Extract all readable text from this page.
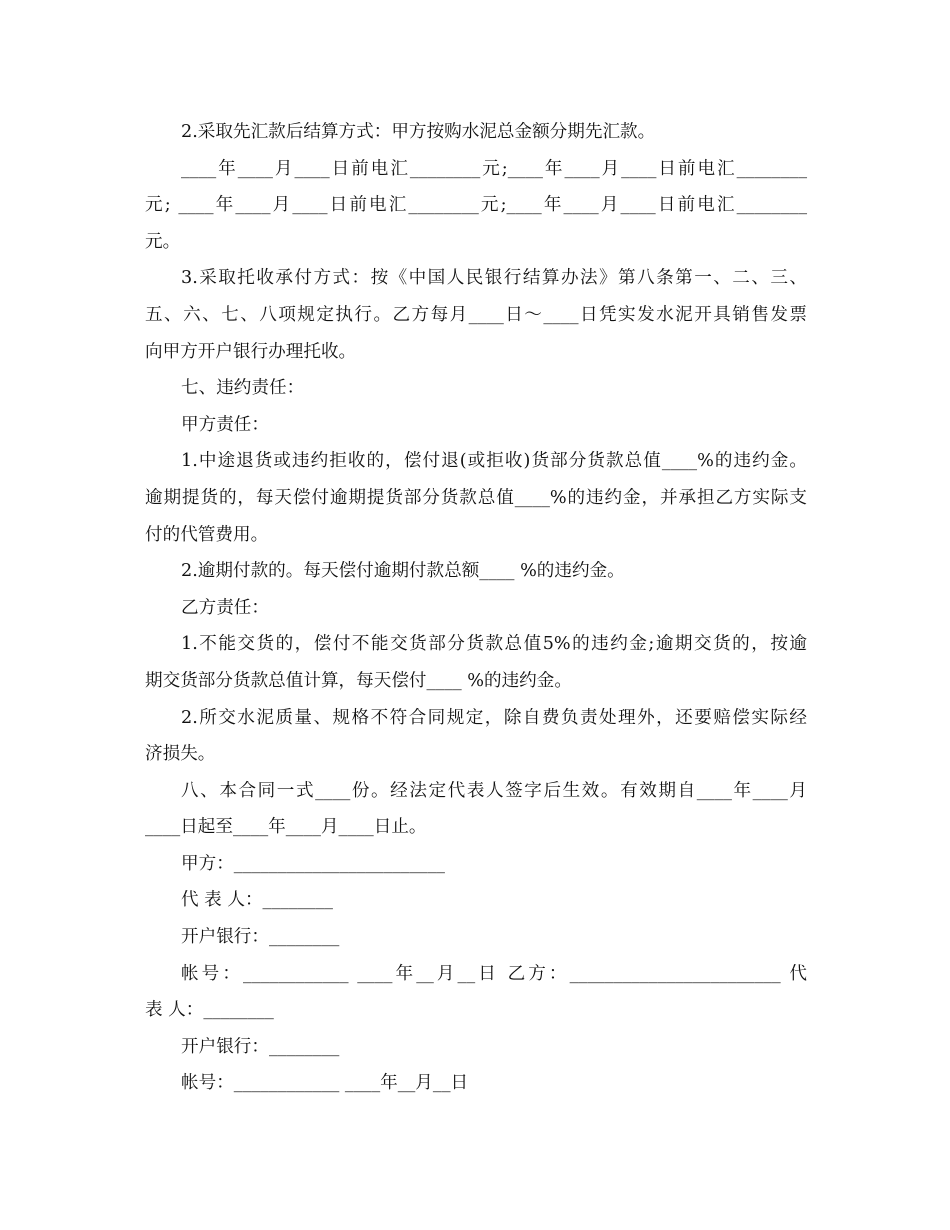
2.采取先汇款后结算方式：甲方按购水泥总金额分期先汇款。
____年____月____日前电汇________元;____年____月____日前电汇________
元; ____年____月____日前电汇________元;____年____月____日前电汇________
元。
3.采取托收承付方式：按《中国人民银行结算办法》第八条第一、二、三、
五、六、七、八项规定执行。乙方每月____日～____日凭实发水泥开具销售发票
向甲方开户银行办理托收。
七、违约责任：
甲方责任：
1.中途退货或违约拒收的，偿付退(或拒收)货部分货款总值____%的违约金。
逾期提货的，每天偿付逾期提货部分货款总值____%的违约金，并承担乙方实际支
付的代管费用。
2.逾期付款的。每天偿付逾期付款总额____ %的违约金。
乙方责任：
1.不能交货的，偿付不能交货部分货款总值5%的违约金;逾期交货的，按逾
期交货部分货款总值计算，每天偿付____ %的违约金。
2.所交水泥质量、规格不符合同规定，除自费负责处理外，还要赔偿实际经
济损失。
八、本合同一式____份。经法定代表人签字后生效。有效期自____年____月
____日起至____年____月____日止。
甲方：________________________
代 表 人：________
开户银行：________
帐号：____________ ____年__月__日 乙方：________________________ 代
表 人：________
开户银行：________
帐号：____________ ____年__月__日
